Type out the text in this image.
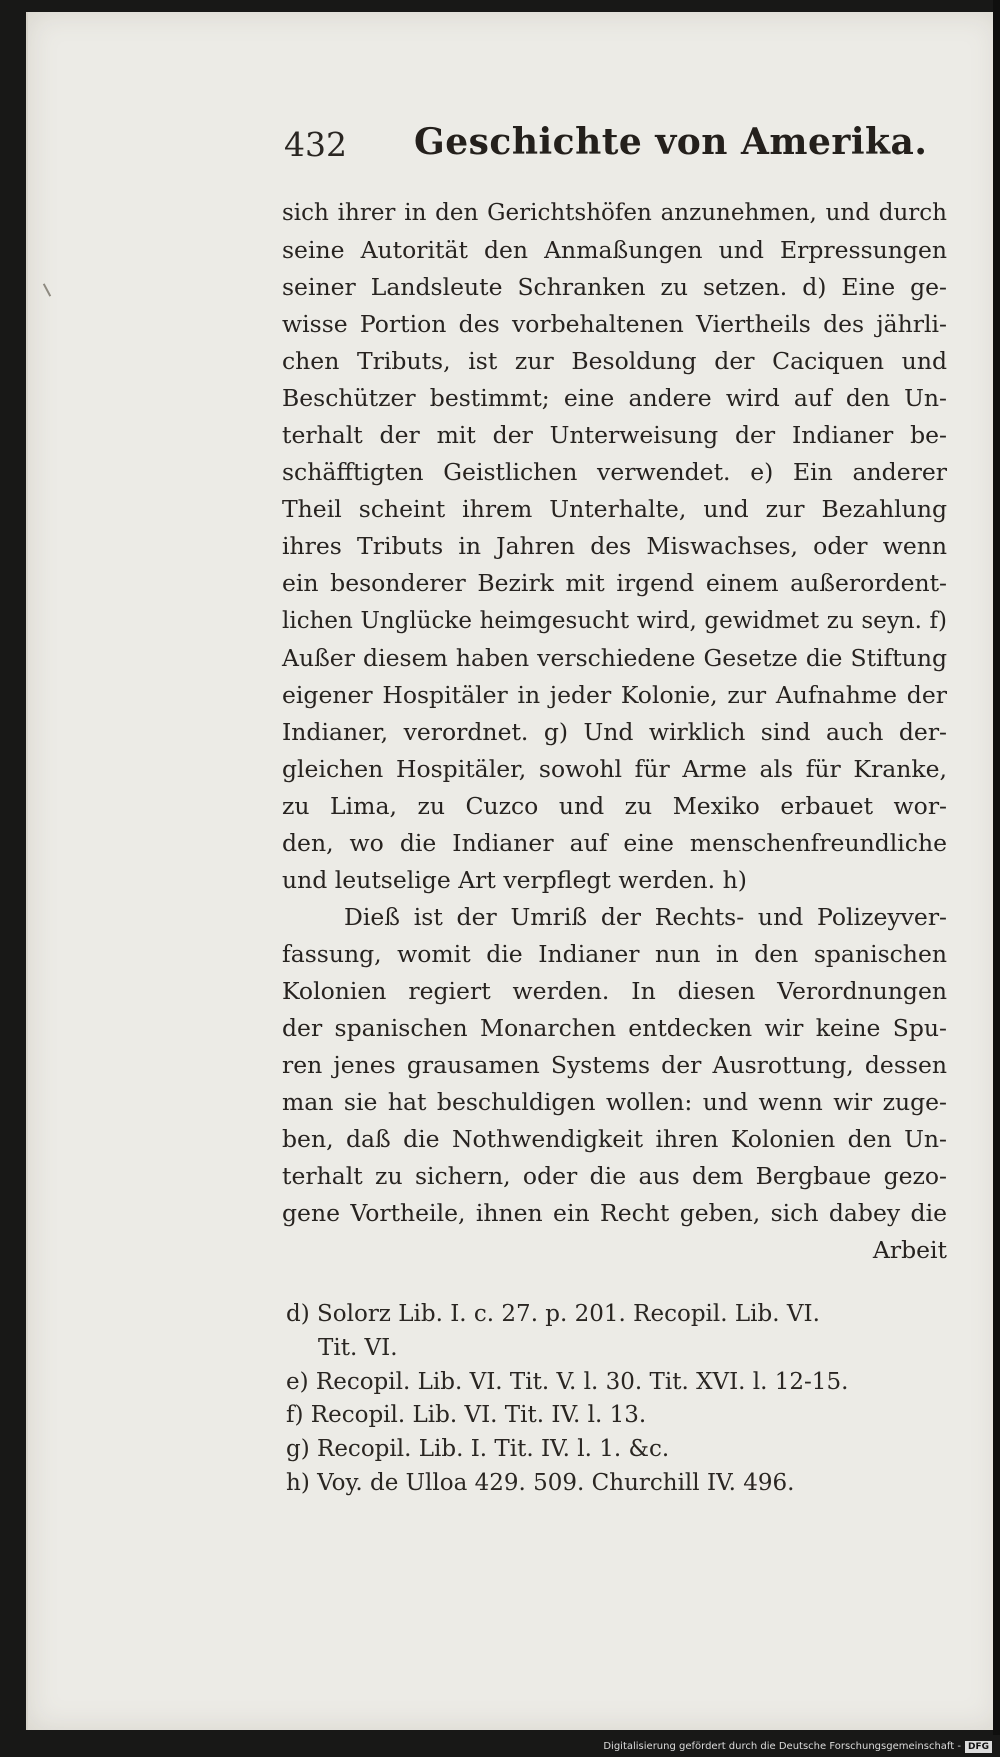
432 Geschichte von Amerika.
sich ihrer in den Gerichtshöfen anzunehmen, und durch
seine Autorität den Anmaßungen und Erpressungen
seiner Landsleute Schranken zu setzen. d) Eine ge-
wisse Portion des vorbehaltenen Viertheils des jährli-
chen Tributs, ist zur Besoldung der Caciquen und
Beschützer bestimmt; eine andere wird auf den Un-
terhalt der mit der Unterweisung der Indianer be-
schäfftigten Geistlichen verwendet. e) Ein anderer
Theil scheint ihrem Unterhalte, und zur Bezahlung
ihres Tributs in Jahren des Miswachses, oder wenn
ein besonderer Bezirk mit irgend einem außerordent-
lichen Unglücke heimgesucht wird, gewidmet zu seyn. f)
Außer diesem haben verschiedene Gesetze die Stiftung
eigener Hospitäler in jeder Kolonie, zur Aufnahme der
Indianer, verordnet. g) Und wirklich sind auch der-
gleichen Hospitäler, sowohl für Arme als für Kranke,
zu Lima, zu Cuzco und zu Mexiko erbauet wor-
den, wo die Indianer auf eine menschenfreundliche
und leutselige Art verpflegt werden. h)
Dieß ist der Umriß der Rechts- und Polizeyver-
fassung, womit die Indianer nun in den spanischen
Kolonien regiert werden. In diesen Verordnungen
der spanischen Monarchen entdecken wir keine Spu-
ren jenes grausamen Systems der Ausrottung, dessen
man sie hat beschuldigen wollen: und wenn wir zuge-
ben, daß die Nothwendigkeit ihren Kolonien den Un-
terhalt zu sichern, oder die aus dem Bergbaue gezo-
gene Vortheile, ihnen ein Recht geben, sich dabey die
Arbeit
d) Solorz Lib. I. c. 27. p. 201. Recopil. Lib. VI.
Tit. VI.
e) Recopil. Lib. VI. Tit. V. l. 30. Tit. XVI. l. 12-15.
f) Recopil. Lib. VI. Tit. IV. l. 13.
g) Recopil. Lib. I. Tit. IV. l. 1. &c.
h) Voy. de Ulloa 429. 509. Churchill IV. 496.
Digitalisierung gefördert durch die Deutsche Forschungsgemeinschaft - DFG
